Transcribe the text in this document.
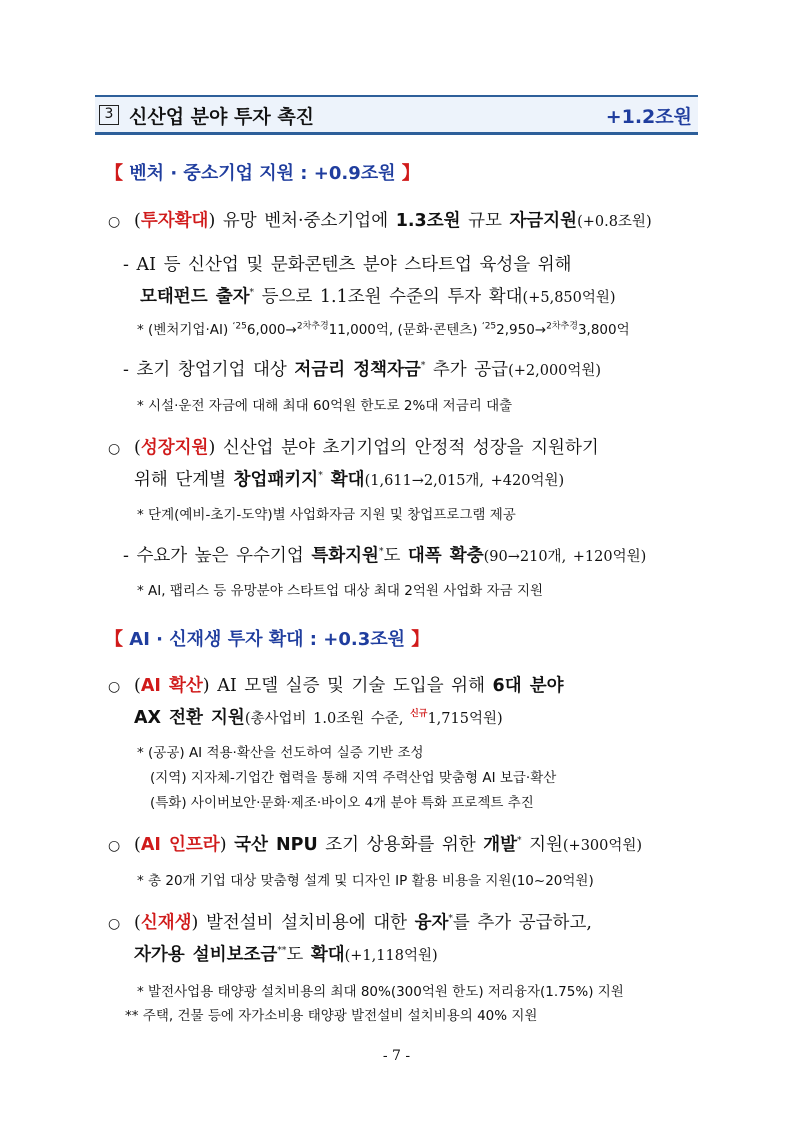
3 신산업 분야 투자 촉진	+1.2조원
【 벤처 · 중소기업 지원 : +0.9조원 】
○ (투자확대) 유망 벤처·중소기업에 1.3조원 규모 자금지원(+0.8조원)
- AI 등 신산업 및 문화콘텐츠 분야 스타트업 육성을 위해
모태펀드 출자* 등으로 1.1조원 수준의 투자 확대(+5,850억원)
* (벤처기업·AI) $^{‘25}$6,000→$^{2차추경}$11,000억, (문화·콘텐츠) $^{‘25}$2,950→$^{2차추경}$3,800억
- 초기 창업기업 대상 저금리 정책자금* 추가 공급(+2,000억원)
* 시설·운전 자금에 대해 최대 60억원 한도로 2%대 저금리 대출
○ (성장지원) 신산업 분야 초기기업의 안정적 성장을 지원하기
위해 단계별 창업패키지* 확대(1,611→2,015개, +420억원)
* 단계(예비-초기-도약)별 사업화자금 지원 및 창업프로그램 제공
- 수요가 높은 우수기업 특화지원*도 대폭 확충(90→210개, +120억원)
* AI, 팹리스 등 유망분야 스타트업 대상 최대 2억원 사업화 자금 지원
【 AI · 신재생 투자 확대 : +0.3조원 】
○ (AI 확산) AI 모델 실증 및 기술 도입을 위해 6대 분야
AX 전환 지원(총사업비 1.0조원 수준, $^{신규}$1,715억원)
* (공공) AI 적용·확산을 선도하여 실증 기반 조성
(지역) 지자체-기업간 협력을 통해 지역 주력산업 맞춤형 AI 보급·확산
(특화) 사이버보안·문화·제조·바이오 4개 분야 특화 프로젝트 추진
○ (AI 인프라) 국산 NPU 조기 상용화를 위한 개발* 지원(+300억원)
* 총 20개 기업 대상 맞춤형 설계 및 디자인 IP 활용 비용을 지원(10~20억원)
○ (신재생) 발전설비 설치비용에 대한 융자*를 추가 공급하고,
자가용 설비보조금**도 확대(+1,118억원)
* 발전사업용 태양광 설치비용의 최대 80%(300억원 한도) 저리융자(1.75%) 지원
** 주택, 건물 등에 자가소비용 태양광 발전설비 설치비용의 40% 지원
- 7 -
